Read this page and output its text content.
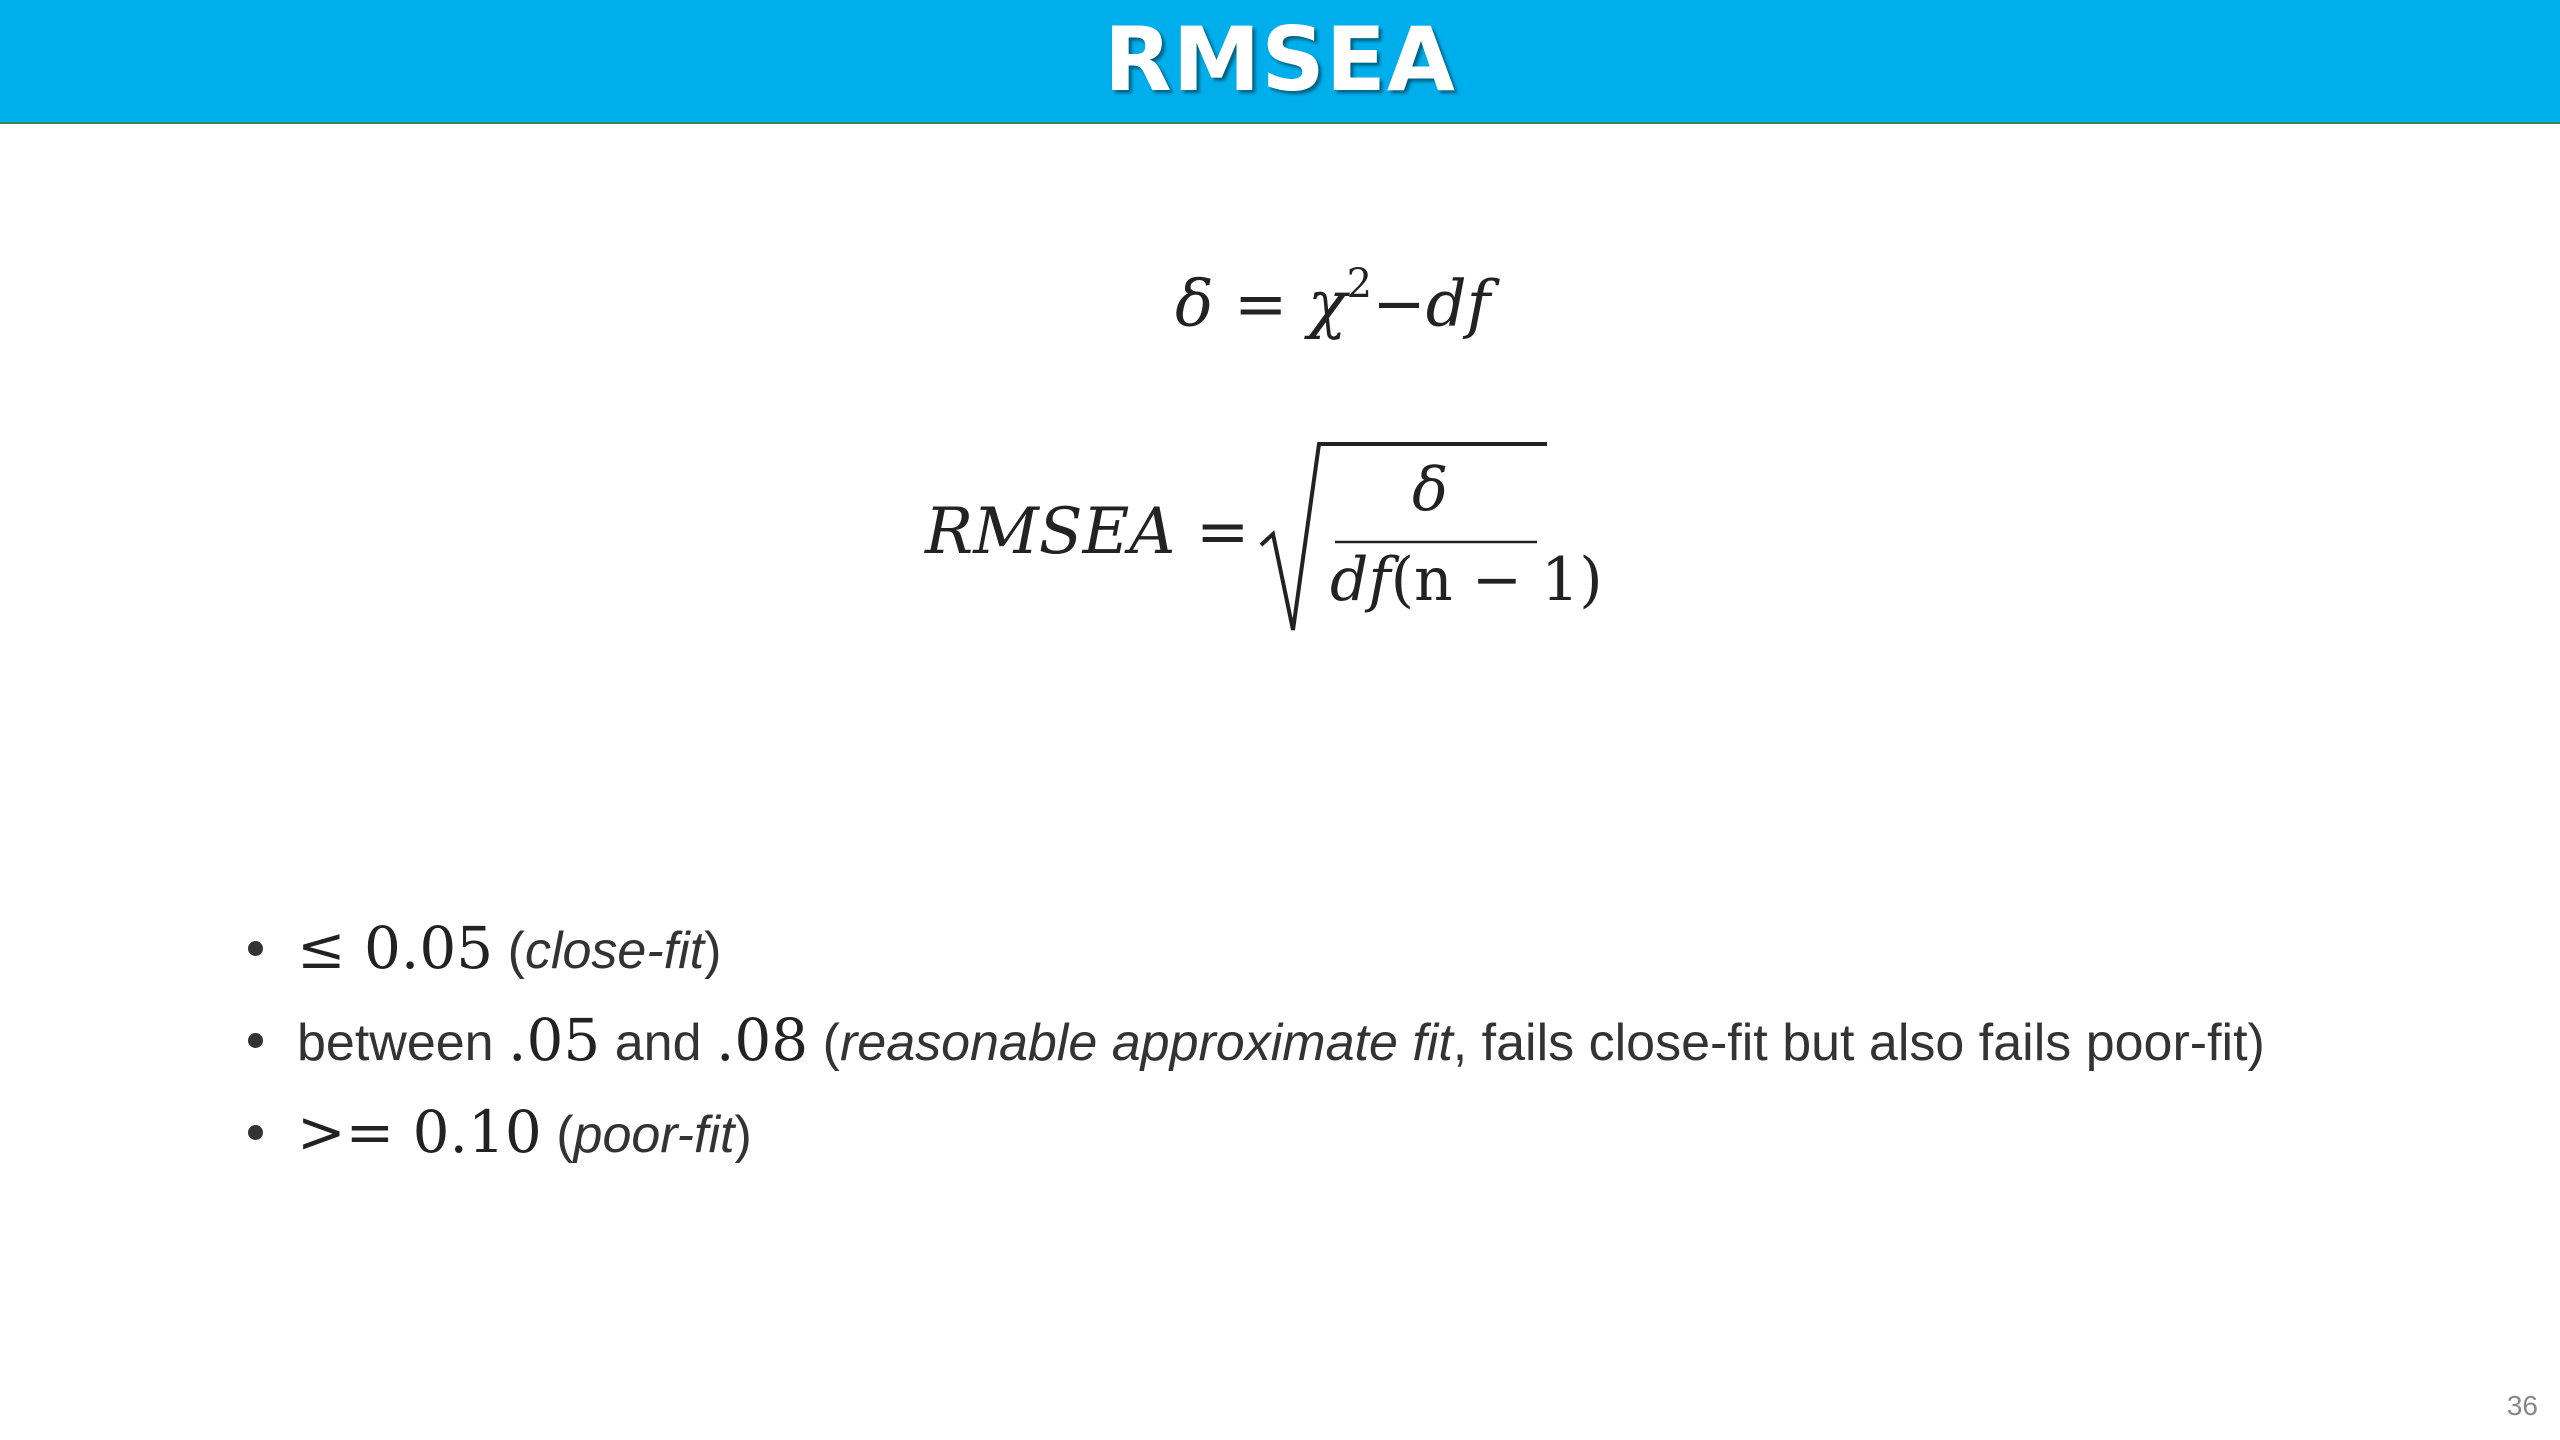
RMSEA
$\delta = \chi^2-df$
RMSEA =
δ
df(n − 1)
≤ 0.05 (close-fit)
between .05 and .08 (reasonable approximate fit, fails close-fit but also fails poor-fit)
>= 0.10 (poor-fit)
36
